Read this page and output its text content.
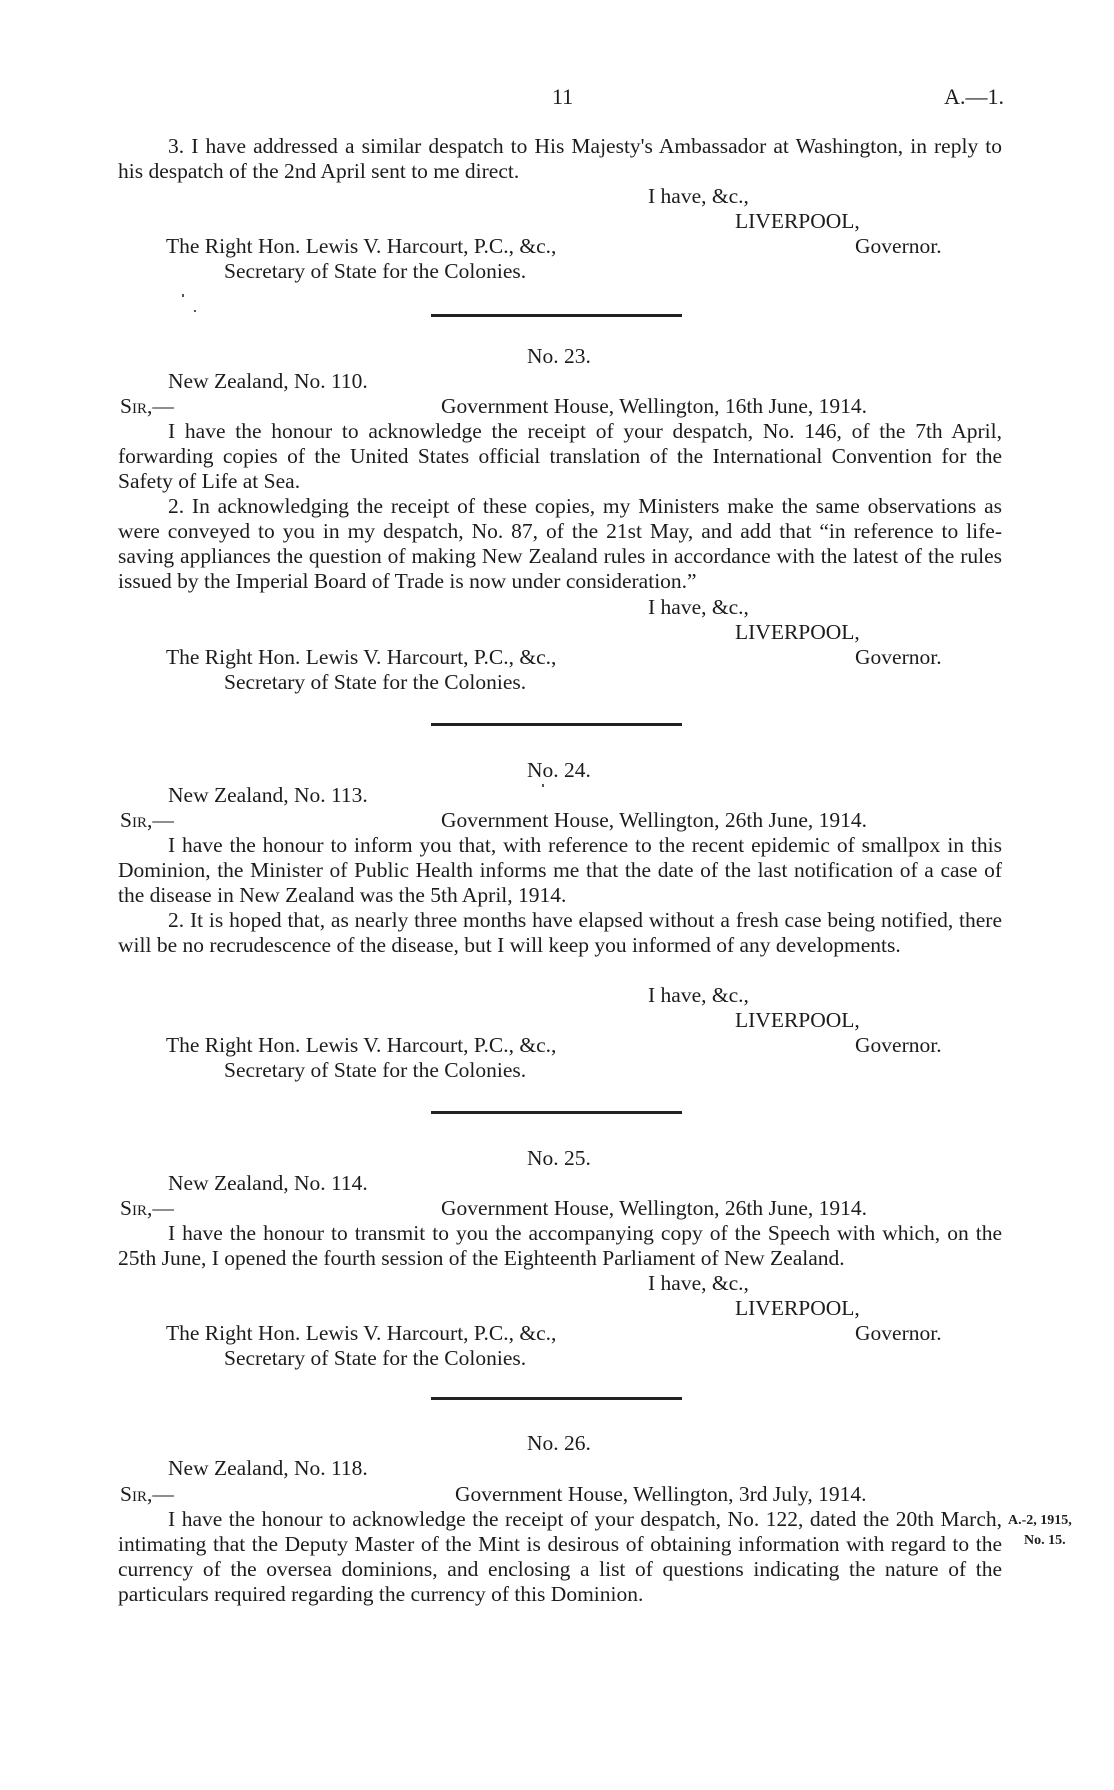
11	A.—1.

3. I have addressed a similar despatch to His Majesty's Ambassador at Washington, in reply to his despatch of the 2nd April sent to me direct.

I have, &c.,
LIVERPOOL,
The Right Hon. Lewis V. Harcourt, P.C., &c.,	Governor.
Secretary of State for the Colonies.
No. 23.
New Zealand, No. 110.
Sir,—	Government House, Wellington, 16th June, 1914.

I have the honour to acknowledge the receipt of your despatch, No. 146, of the 7th April, forwarding copies of the United States official translation of the International Convention for the Safety of Life at Sea.

2. In acknowledging the receipt of these copies, my Ministers make the same observations as were conveyed to you in my despatch, No. 87, of the 21st May, and add that “in reference to life-saving appliances the question of making New Zealand rules in accordance with the latest of the rules issued by the Imperial Board of Trade is now under consideration.”

I have, &c.,
LIVERPOOL,
The Right Hon. Lewis V. Harcourt, P.C., &c.,	Governor.
Secretary of State for the Colonies.
No. 24.
New Zealand, No. 113.
Sir,—	Government House, Wellington, 26th June, 1914.

I have the honour to inform you that, with reference to the recent epidemic of smallpox in this Dominion, the Minister of Public Health informs me that the date of the last notification of a case of the disease in New Zealand was the 5th April, 1914.

2. It is hoped that, as nearly three months have elapsed without a fresh case being notified, there will be no recrudescence of the disease, but I will keep you informed of any developments.

I have, &c.,
LIVERPOOL,
The Right Hon. Lewis V. Harcourt, P.C., &c.,	Governor.
Secretary of State for the Colonies.
No. 25.
New Zealand, No. 114.
Sir,—	Government House, Wellington, 26th June, 1914.

I have the honour to transmit to you the accompanying copy of the Speech with which, on the 25th June, I opened the fourth session of the Eighteenth Parliament of New Zealand.

I have, &c.,
LIVERPOOL,
The Right Hon. Lewis V. Harcourt, P.C., &c.,	Governor.
Secretary of State for the Colonies.
No. 26.
New Zealand, No. 118.
Sir,—	Government House, Wellington, 3rd July, 1914.

I have the honour to acknowledge the receipt of your despatch, No. 122, dated the 20th March, intimating that the Deputy Master of the Mint is desirous of obtaining information with regard to the currency of the oversea dominions, and enclosing a list of questions indicating the nature of the particulars required regarding the currency of this Dominion.

A.-2, 1915,
No. 15.
